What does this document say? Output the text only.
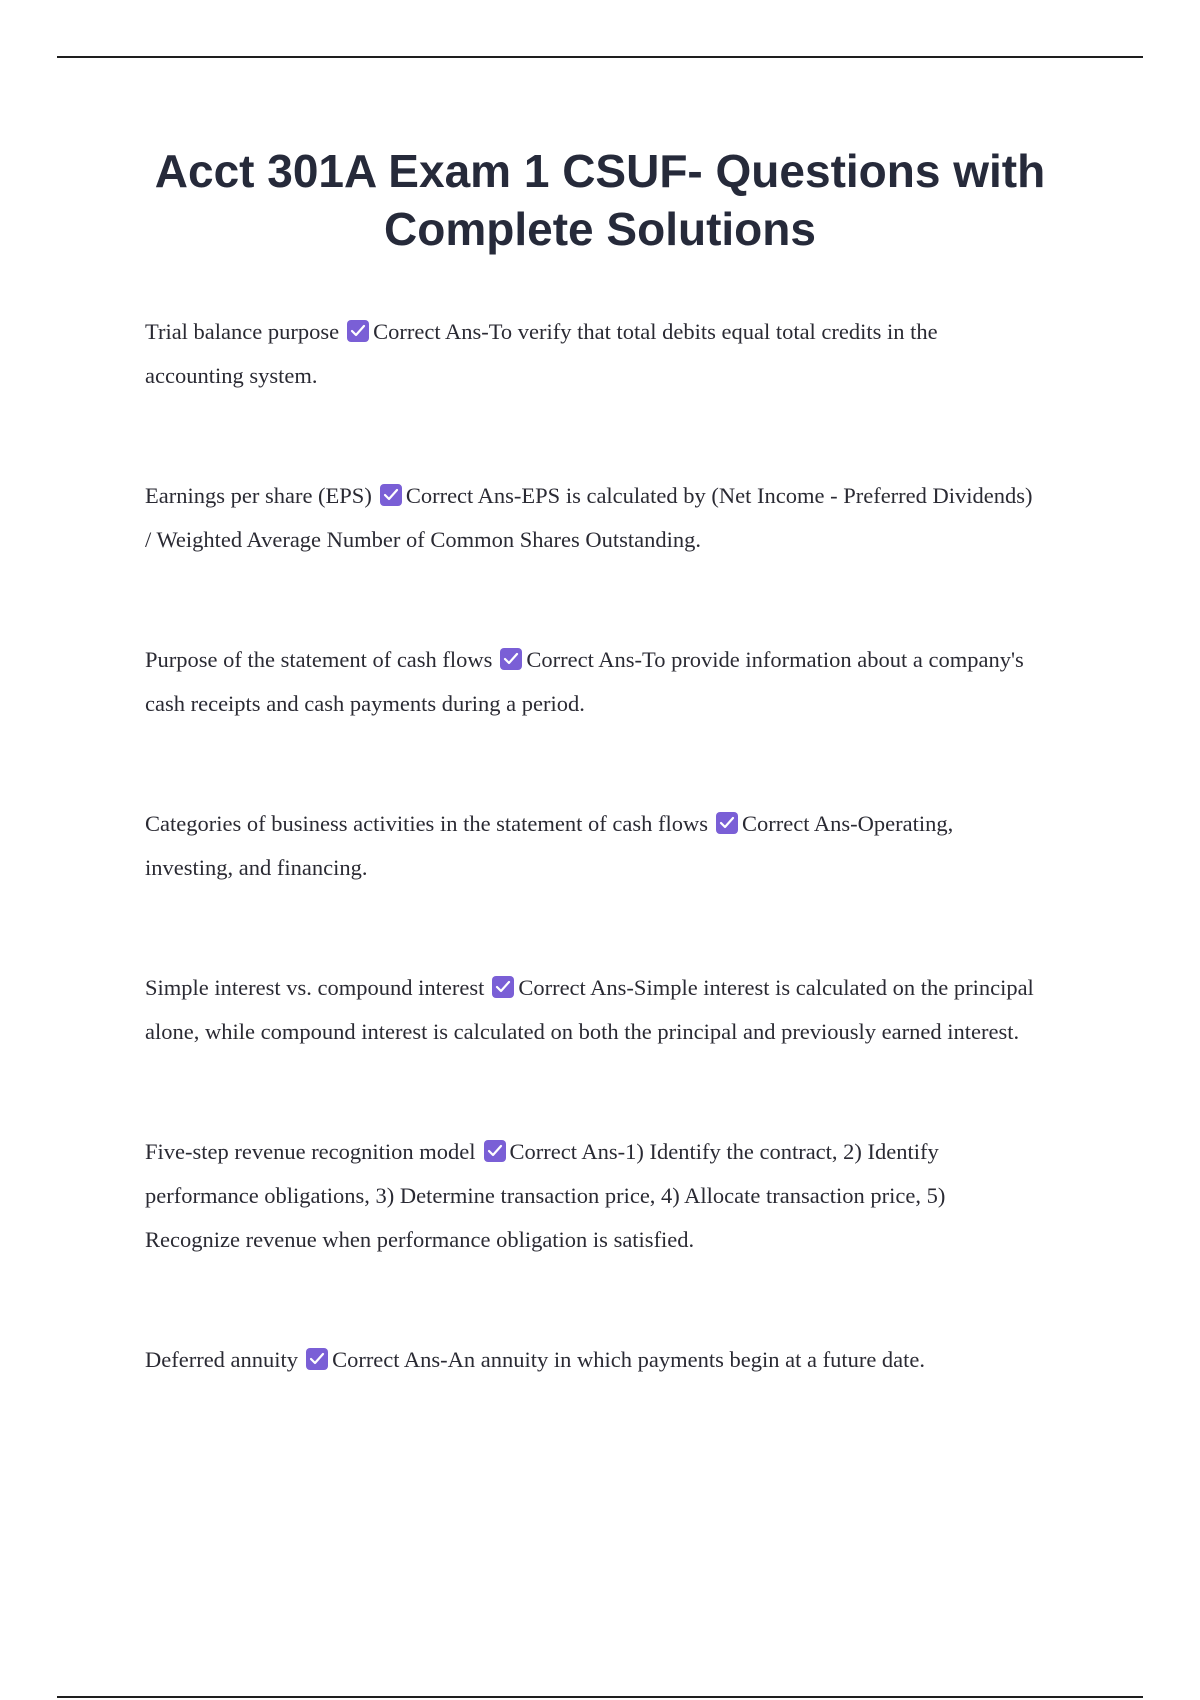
Acct 301A Exam 1 CSUF- Questions with Complete Solutions

Trial balance purpose Correct Ans-To verify that total debits equal total credits in the accounting system.

Earnings per share (EPS) Correct Ans-EPS is calculated by (Net Income - Preferred Dividends) / Weighted Average Number of Common Shares Outstanding.

Purpose of the statement of cash flows Correct Ans-To provide information about a company's cash receipts and cash payments during a period.

Categories of business activities in the statement of cash flows Correct Ans-Operating, investing, and financing.

Simple interest vs. compound interest Correct Ans-Simple interest is calculated on the principal alone, while compound interest is calculated on both the principal and previously earned interest.

Five-step revenue recognition model Correct Ans-1) Identify the contract, 2) Identify performance obligations, 3) Determine transaction price, 4) Allocate transaction price, 5) Recognize revenue when performance obligation is satisfied.

Deferred annuity Correct Ans-An annuity in which payments begin at a future date.
